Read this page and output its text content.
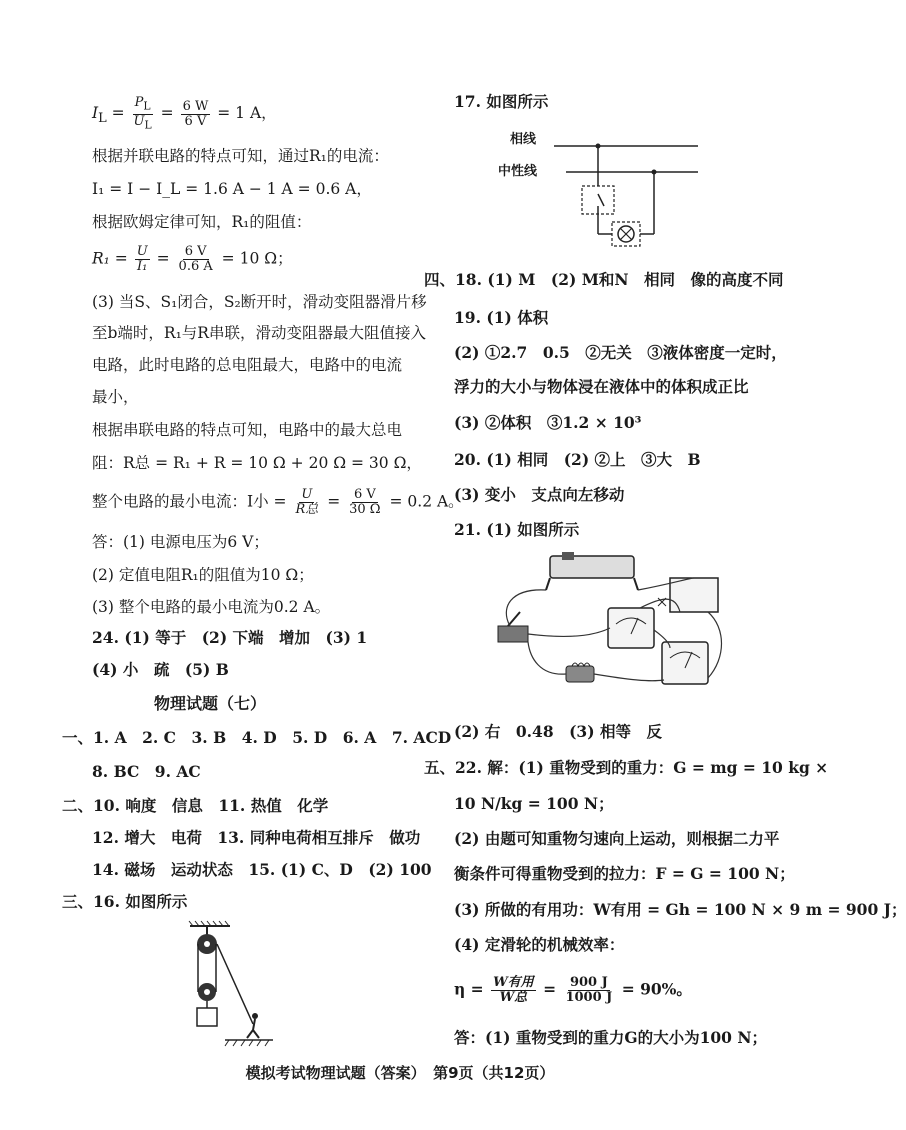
$I_L = \frac{P_L}{U_L} = \frac{6 W}{6 V} = 1$ A，
根据并联电路的特点可知，通过R₁的电流：
I₁ = I − I_L = 1.6 A − 1 A = 0.6 A，
根据欧姆定律可知，R₁的阻值：
$R_1 = \frac{U}{\text{I₁}} = \frac{6 V}{0.6 A} = 10$ Ω；
(3) 当S、S₁闭合，S₂断开时，滑动变阻器滑片移
至b端时，R₁与R串联，滑动变阻器最大阻值接入
电路，此时电路的总电阻最大，电路中的电流
最小，
根据串联电路的特点可知，电路中的最大总电
阻：R总 = R₁ + R = 10 Ω + 20 Ω = 30 Ω，
整个电路的最小电流：I小 = $\frac{U}{\text{R总}} = \frac{6 V}{30 \Omega} = 0.2$ A。
答：(1) 电源电压为6 V；
(2) 定值电阻R₁的阻值为10 Ω；
(3) 整个电路的最小电流为0.2 A。
24. (1) 等于　(2) 下端　增加　(3) 1
(4) 小　疏　(5) B
物理试题（七）
一、1. A　2. C　3. B　4. D　5. D　6. A　7. ACD
8. BC　9. AC
二、10. 响度　信息　11. 热值　化学
12. 增大　电荷　13. 同种电荷相互排斥　做功
14. 磁场　运动状态　15. (1) C、D　(2) 100
三、16. 如图所示
17. 如图所示
相线
中性线
四、18. (1) M　(2) M和N　相同　像的高度不同
19. (1) 体积
(2) ①2.7　0.5　②无关　③液体密度一定时，
浮力的大小与物体浸在液体中的体积成正比
(3) ②体积　③1.2 × 10³
20. (1) 相同　(2) ②上　③大　B
(3) 变小　支点向左移动
21. (1) 如图所示
(2) 右　0.48　(3) 相等　反
五、22. 解：(1) 重物受到的重力：G = mg = 10 kg ×
10 N/kg = 100 N；
(2) 由题可知重物匀速向上运动，则根据二力平
衡条件可得重物受到的拉力：F = G = 100 N；
(3) 所做的有用功：W有用 = Gh = 100 N × 9 m = 900 J；
(4) 定滑轮的机械效率：
$\eta = \frac{\text{W有用}}{\text{W总}} = \frac{900 J}{1000 J} = 90\%$。
答：(1) 重物受到的重力G的大小为100 N；
模拟考试物理试题（答案）　第9页（共12页）
